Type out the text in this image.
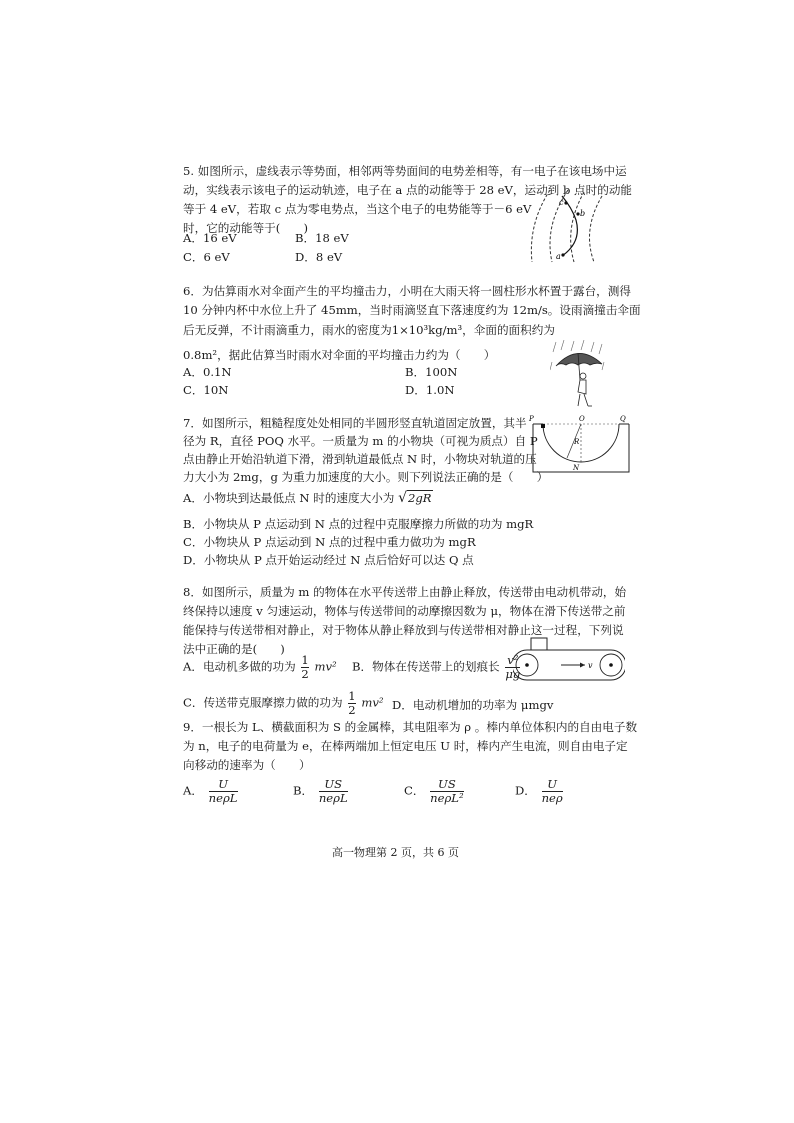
5. 如图所示，虚线表示等势面，相邻两等势面间的电势差相等，有一电子在该电场中运
动，实线表示该电子的运动轨迹，电子在 a 点的动能等于 28 eV，运动到 b 点时的动能
等于 4 eV，若取 c 点为零电势点，当这个电子的电势能等于－6 eV
时，它的动能等于(　　)
A．16 eV	B．18 eV
C．6 eV	D．8 eV
c
b
a
6．为估算雨水对伞面产生的平均撞击力，小明在大雨天将一圆柱形水杯置于露台，测得
10 分钟内杯中水位上升了 45mm，当时雨滴竖直下落速度约为 12m/s。设雨滴撞击伞面
后无反弹，不计雨滴重力，雨水的密度为1×10³kg/m³，伞面的面积约为
0.8m²，据此估算当时雨水对伞面的平均撞击力约为（　　）
A．0.1N	B．100N
C．10N	D．1.0N
7．如图所示，粗糙程度处处相同的半圆形竖直轨道固定放置，其半
径为 R，直径 POQ 水平。一质量为 m 的小物块（可视为质点）自 P
点由静止开始沿轨道下滑，滑到轨道最低点 N 时，小物块对轨道的压
力大小为 2mg，g 为重力加速度的大小。则下列说法正确的是（　　）
A．小物块到达最低点 N 时的速度大小为 √2gR
B．小物块从 P 点运动到 N 点的过程中克服摩擦力所做的功为 mgR
C．小物块从 P 点运动到 N 点的过程中重力做功为 mgR
D．小物块从 P 点开始运动经过 N 点后恰好可以达 Q 点
P	O	Q
R
N
8．如图所示，质量为 m 的物体在水平传送带上由静止释放，传送带由电动机带动，始
终保持以速度 v 匀速运动，物体与传送带间的动摩擦因数为 μ，物体在滑下传送带之前
能保持与传送带相对静止，对于物体从静止释放到与传送带相对静止这一过程，下列说
法中正确的是(　　)
A．电动机多做的功为 $\frac{1}{2} mv^2$ B．物体在传送带上的划痕长 $\frac{\text{v²}}{\mu g}$
C．传送带克服摩擦力做的功为 $\frac{1}{2} mv^2$ D．电动机增加的功率为 μmgv
v
9．一根长为 L、横截面积为 S 的金属棒，其电阻率为 ρ 。棒内单位体积内的自由电子数
为 n，电子的电荷量为 e，在棒两端加上恒定电压 U 时，棒内产生电流，则自由电子定
向移动的速率为（　　）
A． $\frac{U}{\text{neρL}}$	B． $\frac{US}{\text{neρL}}$	C． $\frac{US}{\text{neρL²}}$	D． $\frac{U}{\text{neρ}}$
高一物理第 2 页，共 6 页
